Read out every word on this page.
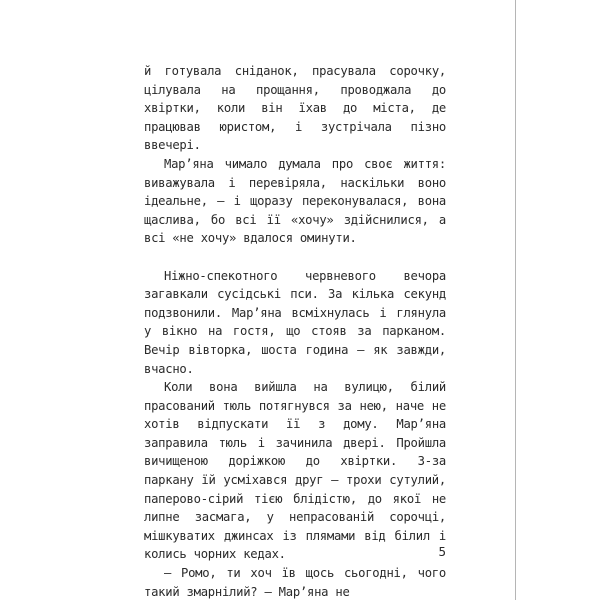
й готувала сніданок, прасувала сорочку, цілувала на прощання, проводжала до хвіртки, коли він їхав до міста, де працював юристом, і зустрічала пізно ввечері.

Мар’яна чимало думала про своє життя: виважувала і перевіряла, наскільки воно ідеальне, — і щоразу переконувалася, вона щаслива, бо всі її «хочу» здійснилися, а всі «не хочу» вдалося оминути.

Ніжно-спекотного червневого вечора загавкали сусідські пси. За кілька секунд подзвонили. Мар’яна всміхнулась і глянула у вікно на гостя, що стояв за парканом. Вечір вівторка, шоста година — як завжди, вчасно.

Коли вона вийшла на вулицю, білий прасований тюль потягнувся за нею, наче не хотів відпускати її з дому. Мар’яна заправила тюль і зачинила двері. Пройшла вичищеною доріжкою до хвіртки. З-за паркану їй усміхався друг — трохи сутулий, паперово-сірий тією блідістю, до якої не липне засмага, у непрасованій сорочці, мішкуватих джинсах із плямами від білил і колись чорних кедах.

— Ромо, ти хоч їв щось сьогодні, чого такий змарнілий? — Мар’яна не

5
